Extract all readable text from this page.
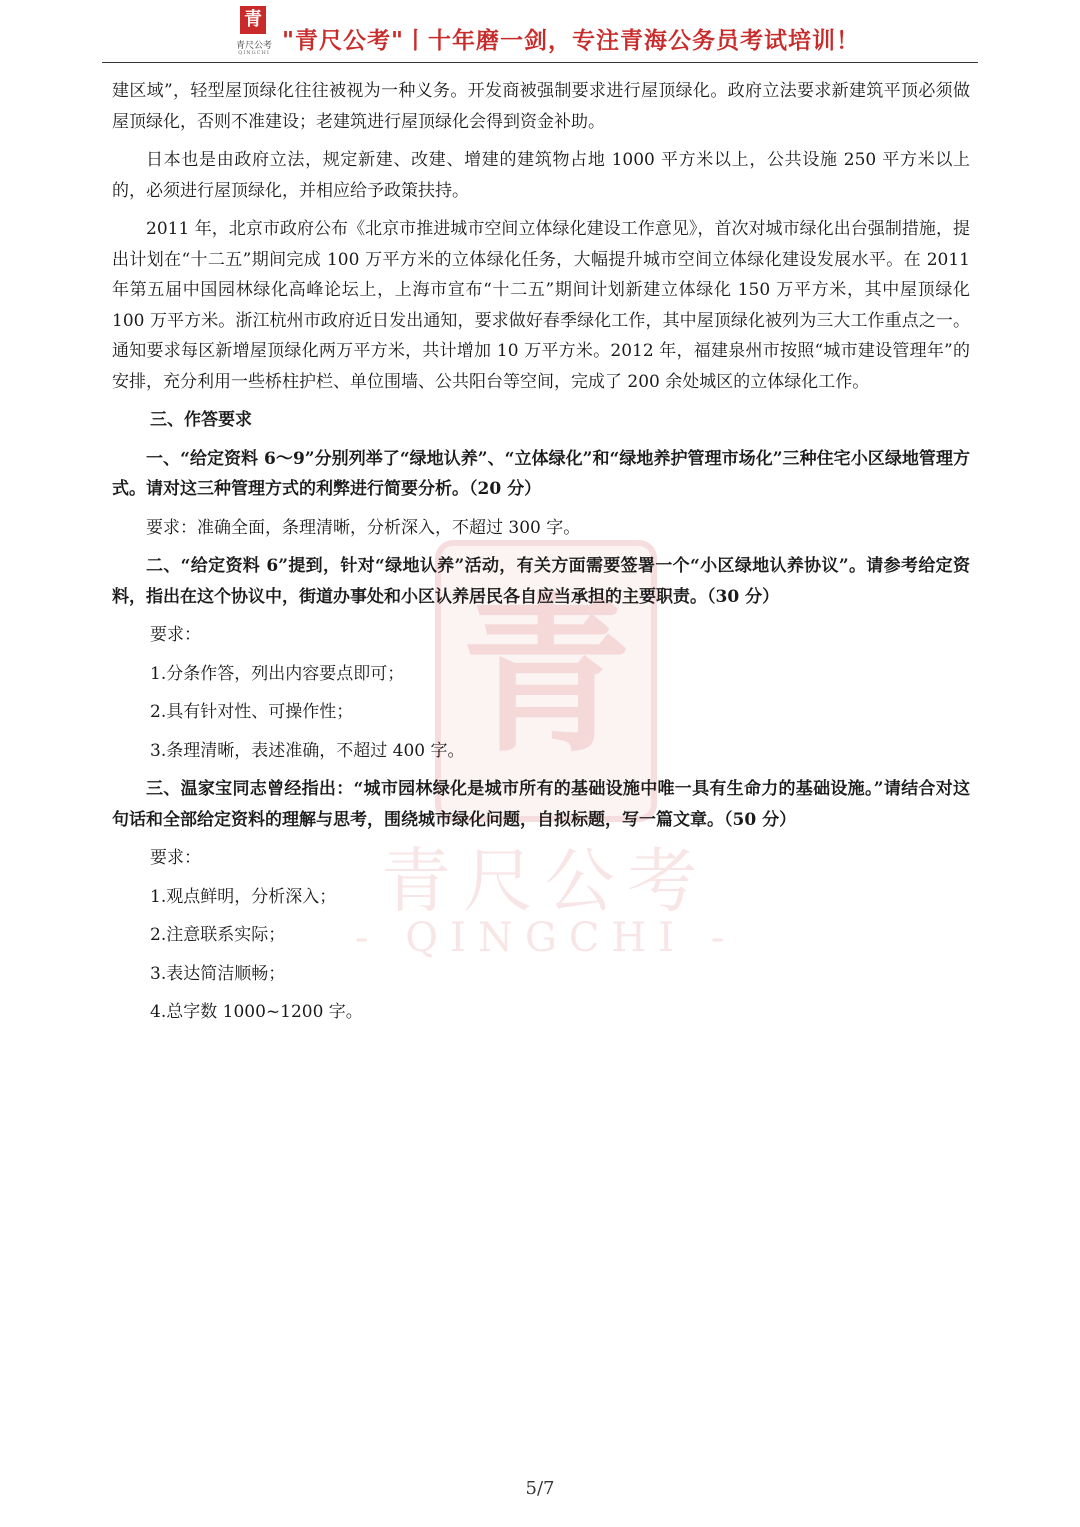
青
青尺公考
QINGCHI "青尺公考"丨十年磨一剑，专注青海公务员考试培训！
青
青尺公考
- QINGCHI -

建区域”，轻型屋顶绿化往往被视为一种义务。开发商被强制要求进行屋顶绿化。政府立法要求新建筑平顶必须做屋顶绿化，否则不准建设；老建筑进行屋顶绿化会得到资金补助。

日本也是由政府立法，规定新建、改建、增建的建筑物占地 1000 平方米以上，公共设施 250 平方米以上的，必须进行屋顶绿化，并相应给予政策扶持。

2011 年，北京市政府公布《北京市推进城市空间立体绿化建设工作意见》，首次对城市绿化出台强制措施，提出计划在“十二五”期间完成 100 万平方米的立体绿化任务，大幅提升城市空间立体绿化建设发展水平。在 2011 年第五届中国园林绿化高峰论坛上，上海市宣布“十二五”期间计划新建立体绿化 150 万平方米，其中屋顶绿化 100 万平方米。浙江杭州市政府近日发出通知，要求做好春季绿化工作，其中屋顶绿化被列为三大工作重点之一。通知要求每区新增屋顶绿化两万平方米，共计增加 10 万平方米。2012 年，福建泉州市按照“城市建设管理年”的安排，充分利用一些桥柱护栏、单位围墙、公共阳台等空间，完成了 200 余处城区的立体绿化工作。

三、作答要求

一、“给定资料 6～9”分别列举了“绿地认养”、“立体绿化”和“绿地养护管理市场化”三种住宅小区绿地管理方式。请对这三种管理方式的利弊进行简要分析。（20 分）

要求：准确全面，条理清晰，分析深入，不超过 300 字。

二、“给定资料 6”提到，针对“绿地认养”活动，有关方面需要签署一个“小区绿地认养协议”。请参考给定资料，指出在这个协议中，街道办事处和小区认养居民各自应当承担的主要职责。（30 分）

要求：

1.分条作答，列出内容要点即可；

2.具有针对性、可操作性；

3.条理清晰，表述准确，不超过 400 字。

三、温家宝同志曾经指出：“城市园林绿化是城市所有的基础设施中唯一具有生命力的基础设施。”请结合对这句话和全部给定资料的理解与思考，围绕城市绿化问题，自拟标题，写一篇文章。（50 分）

要求：

1.观点鲜明，分析深入；

2.注意联系实际；

3.表达简洁顺畅；

4.总字数 1000~1200 字。

5/7
